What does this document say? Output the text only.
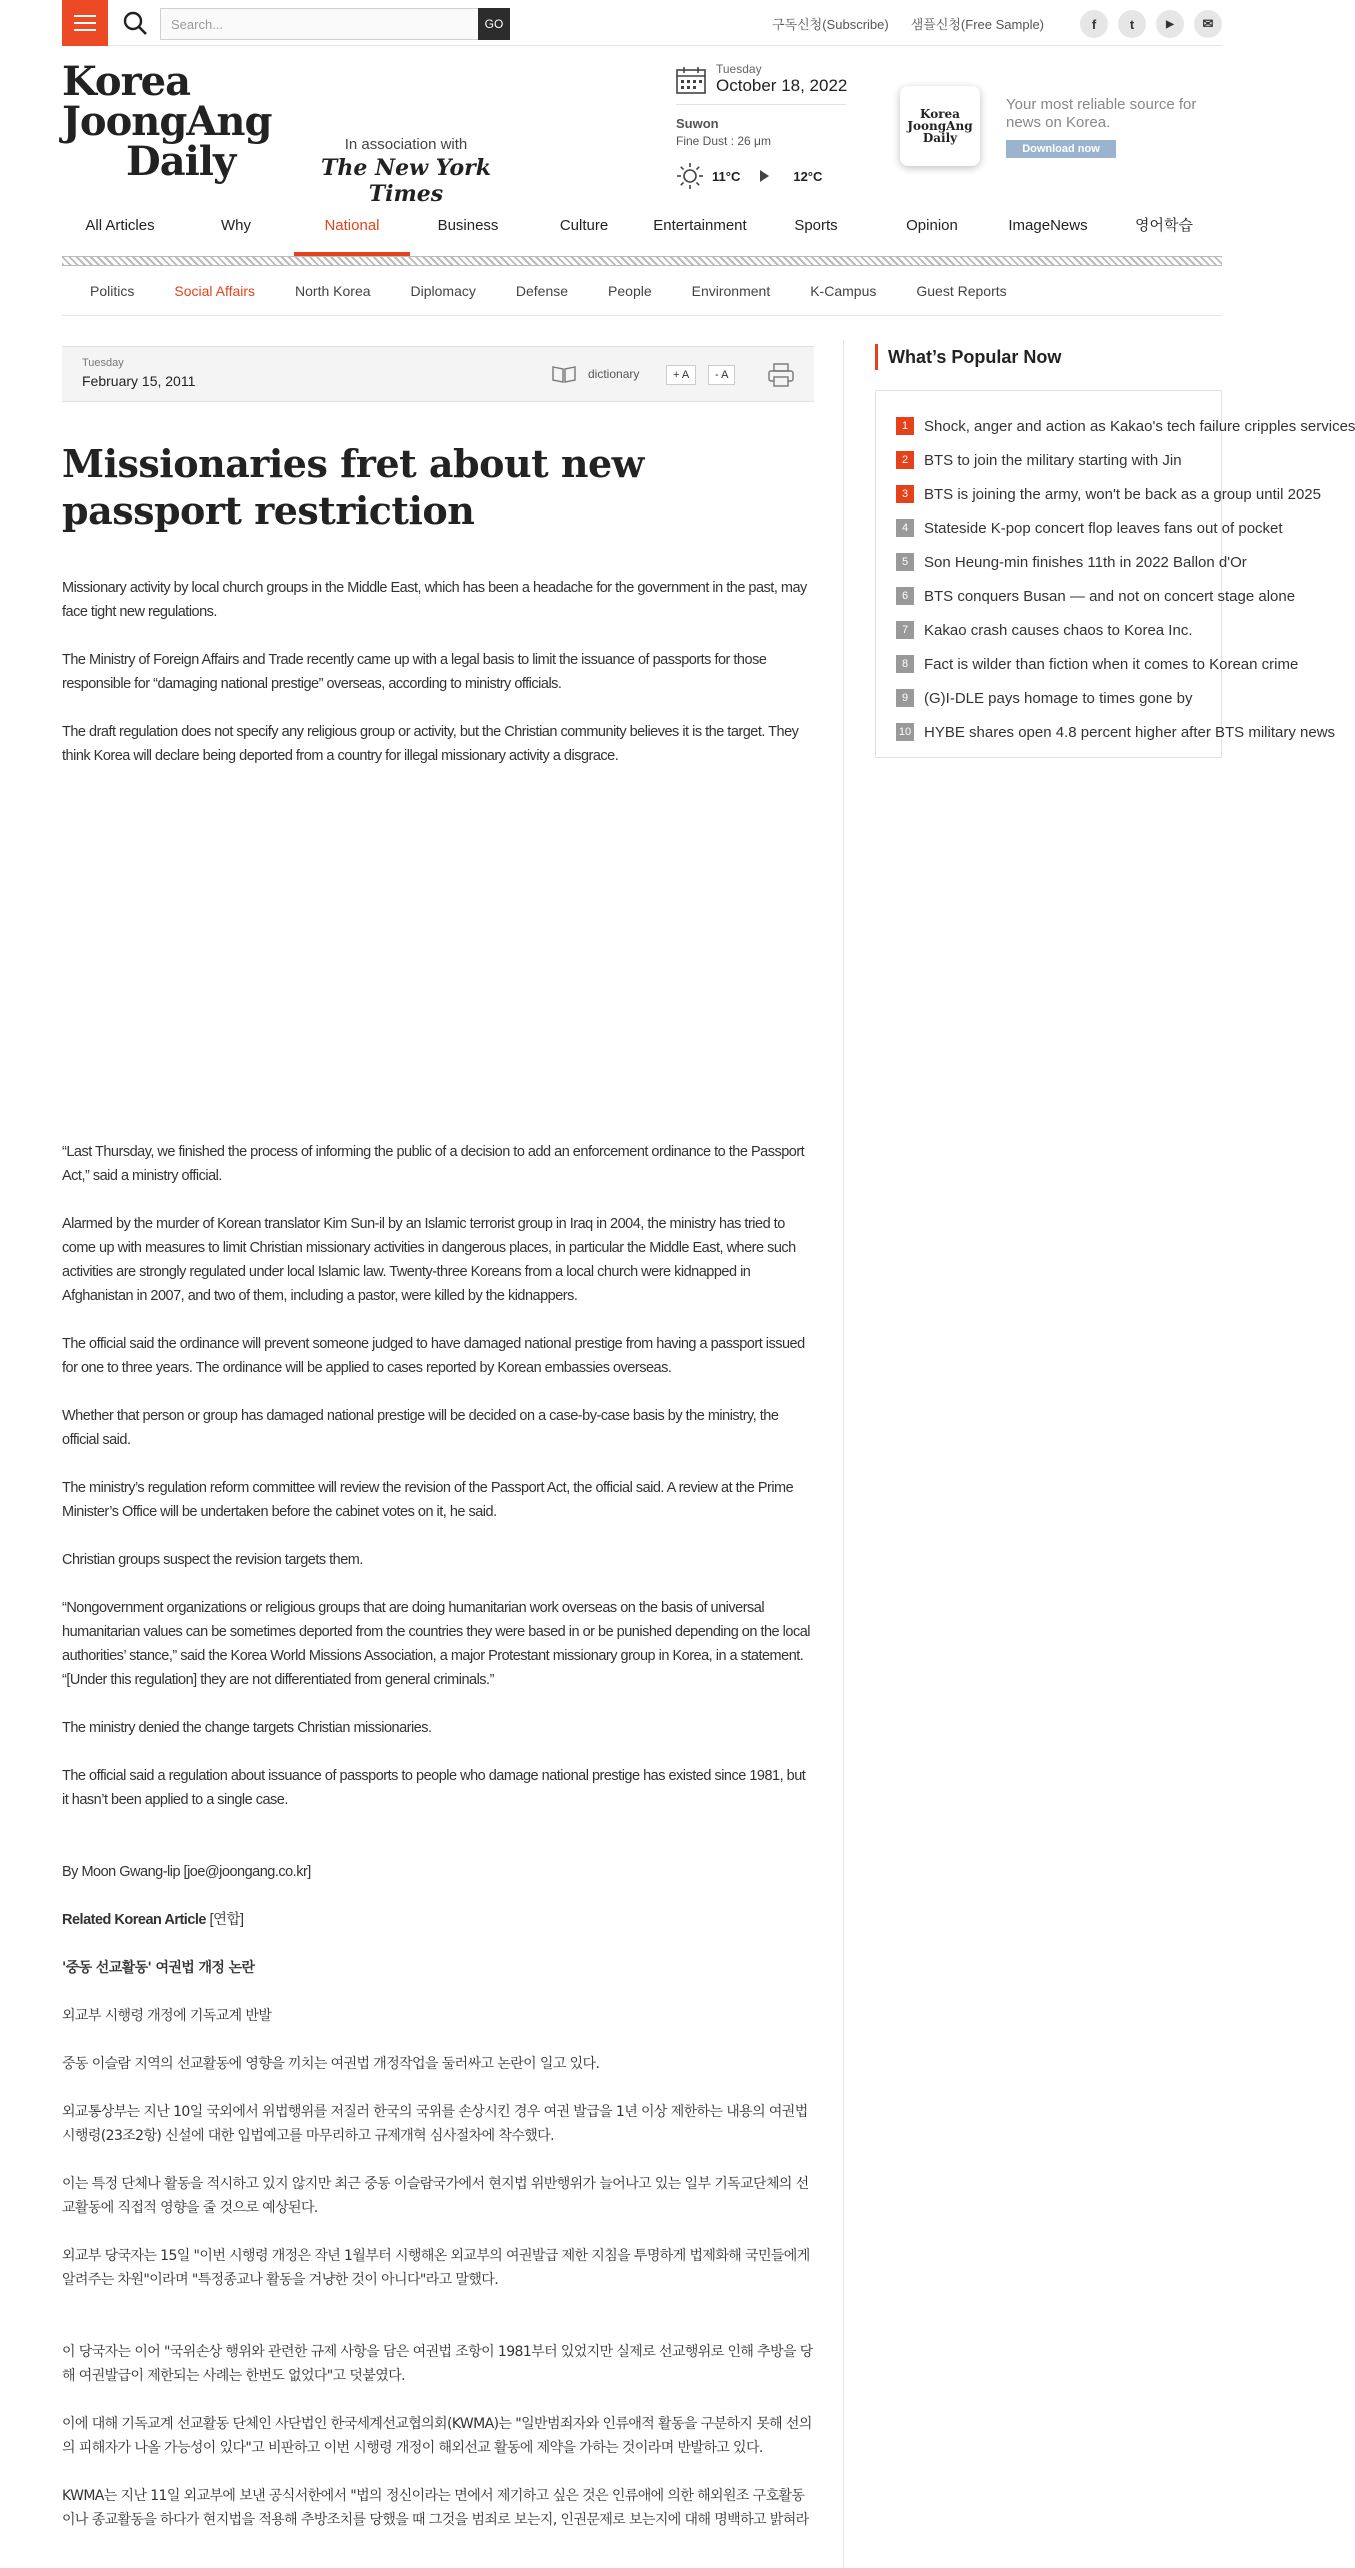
Search...
GO	구독신청(Subscribe) 샘플신청(Free Sample)	f	t	▶	✉
Korea
JoongAng
Daily	In association with
The New York Times
Tuesday
October 18, 2022
Suwon
Fine Dust : 26 μm
11°C	12°C
Korea
JoongAng
Daily
Your most reliable source for news on Korea.
Download now
All Articles	Why	National	Business	Culture	Entertainment	Sports	Opinion	ImageNews	영어학습
Politics	Social Affairs	North Korea	Diplomacy	Defense	People	Environment	K-Campus	Guest Reports
Tuesday
February 15, 2011	dictionary	+ A	- A
Missionaries fret about new passport restriction

Missionary activity by local church groups in the Middle East, which has been a headache for the government in the past, may face tight new regulations.

The Ministry of Foreign Affairs and Trade recently came up with a legal basis to limit the issuance of passports for those responsible for “damaging national prestige” overseas, according to ministry officials.

The draft regulation does not specify any religious group or activity, but the Christian community believes it is the target. They think Korea will declare being deported from a country for illegal missionary activity a disgrace.

“Last Thursday, we finished the process of informing the public of a decision to add an enforcement ordinance to the Passport Act,” said a ministry official.

Alarmed by the murder of Korean translator Kim Sun-il by an Islamic terrorist group in Iraq in 2004, the ministry has tried to come up with measures to limit Christian missionary activities in dangerous places, in particular the Middle East, where such activities are strongly regulated under local Islamic law. Twenty-three Koreans from a local church were kidnapped in Afghanistan in 2007, and two of them, including a pastor, were killed by the kidnappers.

The official said the ordinance will prevent someone judged to have damaged national prestige from having a passport issued for one to three years. The ordinance will be applied to cases reported by Korean embassies overseas.

Whether that person or group has damaged national prestige will be decided on a case-by-case basis by the ministry, the official said.

The ministry’s regulation reform committee will review the revision of the Passport Act, the official said. A review at the Prime Minister’s Office will be undertaken before the cabinet votes on it, he said.

Christian groups suspect the revision targets them.

“Nongovernment organizations or religious groups that are doing humanitarian work overseas on the basis of universal humanitarian values can be sometimes deported from the countries they were based in or be punished depending on the local authorities’ stance,” said the Korea World Missions Association, a major Protestant missionary group in Korea, in a statement. “[Under this regulation] they are not differentiated from general criminals.”

The ministry denied the change targets Christian missionaries.

The official said a regulation about issuance of passports to people who damage national prestige has existed since 1981, but it hasn’t been applied to a single case.

By Moon Gwang-lip [joe@joongang.co.kr]

Related Korean Article [연합]

'중동 선교활동' 여권법 개정 논란

외교부 시행령 개정에 기독교계 반발

중동 이슬람 지역의 선교활동에 영향을 끼치는 여권법 개정작업을 둘러싸고 논란이 일고 있다.

외교통상부는 지난 10일 국외에서 위법행위를 저질러 한국의 국위를 손상시킨 경우 여권 발급을 1년 이상 제한하는 내용의 여권법 시행령(23조2항) 신설에 대한 입법예고를 마무리하고 규제개혁 심사절차에 착수했다.

이는 특정 단체나 활동을 적시하고 있지 않지만 최근 중동 이슬람국가에서 현지법 위반행위가 늘어나고 있는 일부 기독교단체의 선교활동에 직접적 영향을 줄 것으로 예상된다.

외교부 당국자는 15일 "이번 시행령 개정은 작년 1월부터 시행해온 외교부의 여권발급 제한 지침을 투명하게 법제화해 국민들에게 알려주는 차원"이라며 "특정종교나 활동을 겨냥한 것이 아니다"라고 말했다.

이 당국자는 이어 "국위손상 행위와 관련한 규제 사항을 담은 여권법 조항이 1981부터 있었지만 실제로 선교행위로 인해 추방을 당해 여권발급이 제한되는 사례는 한번도 없었다"고 덧붙였다.

이에 대해 기독교계 선교활동 단체인 사단법인 한국세계선교협의회(KWMA)는 "일반범죄자와 인류애적 활동을 구분하지 못해 선의의 피해자가 나올 가능성이 있다"고 비판하고 이번 시행령 개정이 해외선교 활동에 제약을 가하는 것이라며 반발하고 있다.

KWMA는 지난 11일 외교부에 보낸 공식서한에서 "법의 정신이라는 면에서 제기하고 싶은 것은 인류애에 의한 해외원조 구호활동이나 종교활동을 하다가 현지법을 적용해 추방조치를 당했을 때 그것을 범죄로 보는지, 인권문제로 보는지에 대해 명백하고 밝혀라

What’s Popular Now
1	Shock, anger and action as Kakao's tech failure cripples services
2	BTS to join the military starting with Jin
3	BTS is joining the army, won't be back as a group until 2025
4	Stateside K-pop concert flop leaves fans out of pocket
5	Son Heung-min finishes 11th in 2022 Ballon d'Or
6	BTS conquers Busan — and not on concert stage alone
7	Kakao crash causes chaos to Korea Inc.
8	Fact is wilder than fiction when it comes to Korean crime
9	(G)I-DLE pays homage to times gone by
10 HYBE shares open 4.8 percent higher after BTS military news
